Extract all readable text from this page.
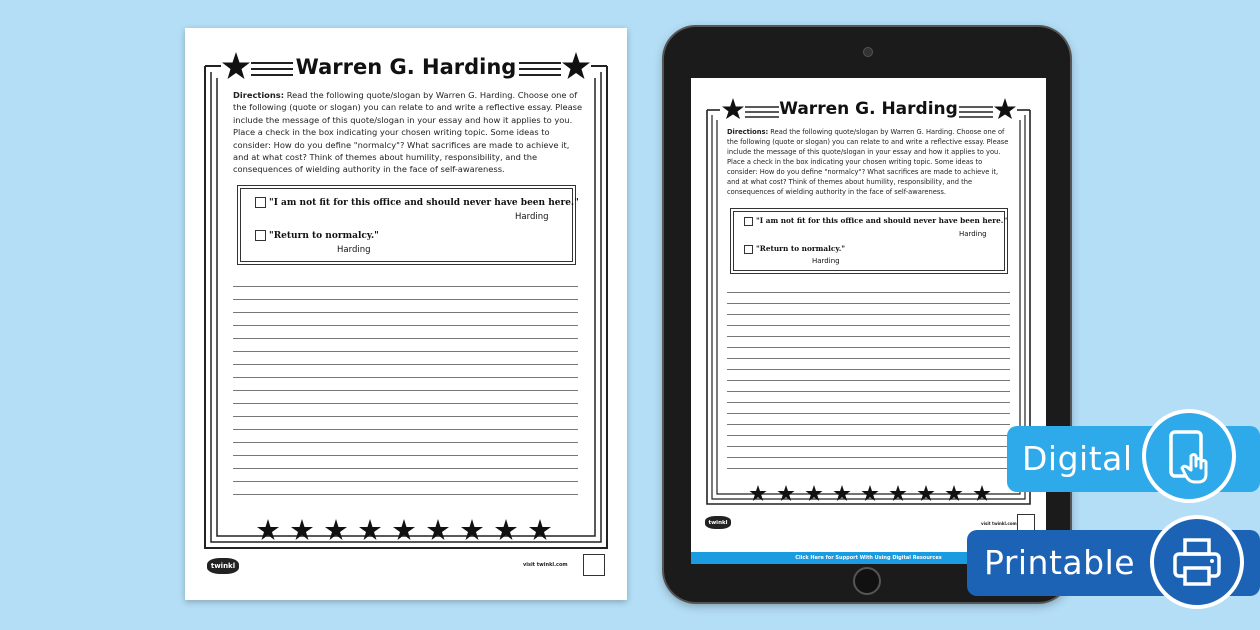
Warren G. Harding
Directions: Read the following quote/slogan by Warren G. Harding. Choose one of the following (quote or slogan) you can relate to and write a reflective essay. Please include the message of this quote/slogan in your essay and how it applies to you. Place a check in the box indicating your chosen writing topic. Some ideas to consider: How do you define "normalcy"? What sacrifices are made to achieve it, and at what cost? Think of themes about humility, responsibility, and the consequences of wielding authority in the face of self-awareness.
"I am not fit for this office and should never have been here."
Harding
"Return to normalcy."
Harding
twinkl	visit twinkl.com
Warren G. Harding
Directions: Read the following quote/slogan by Warren G. Harding. Choose one of the following (quote or slogan) you can relate to and write a reflective essay. Please include the message of this quote/slogan in your essay and how it applies to you. Place a check in the box indicating your chosen writing topic. Some ideas to consider: How do you define "normalcy"? What sacrifices are made to achieve it, and at what cost? Think of themes about humility, responsibility, and the consequences of wielding authority in the face of self-awareness.
"I am not fit for this office and should never have been here."
Harding
"Return to normalcy."
Harding
twinkl	visit twinkl.com
Click Here for Support With Using Digital Resources
Digital
Printable
